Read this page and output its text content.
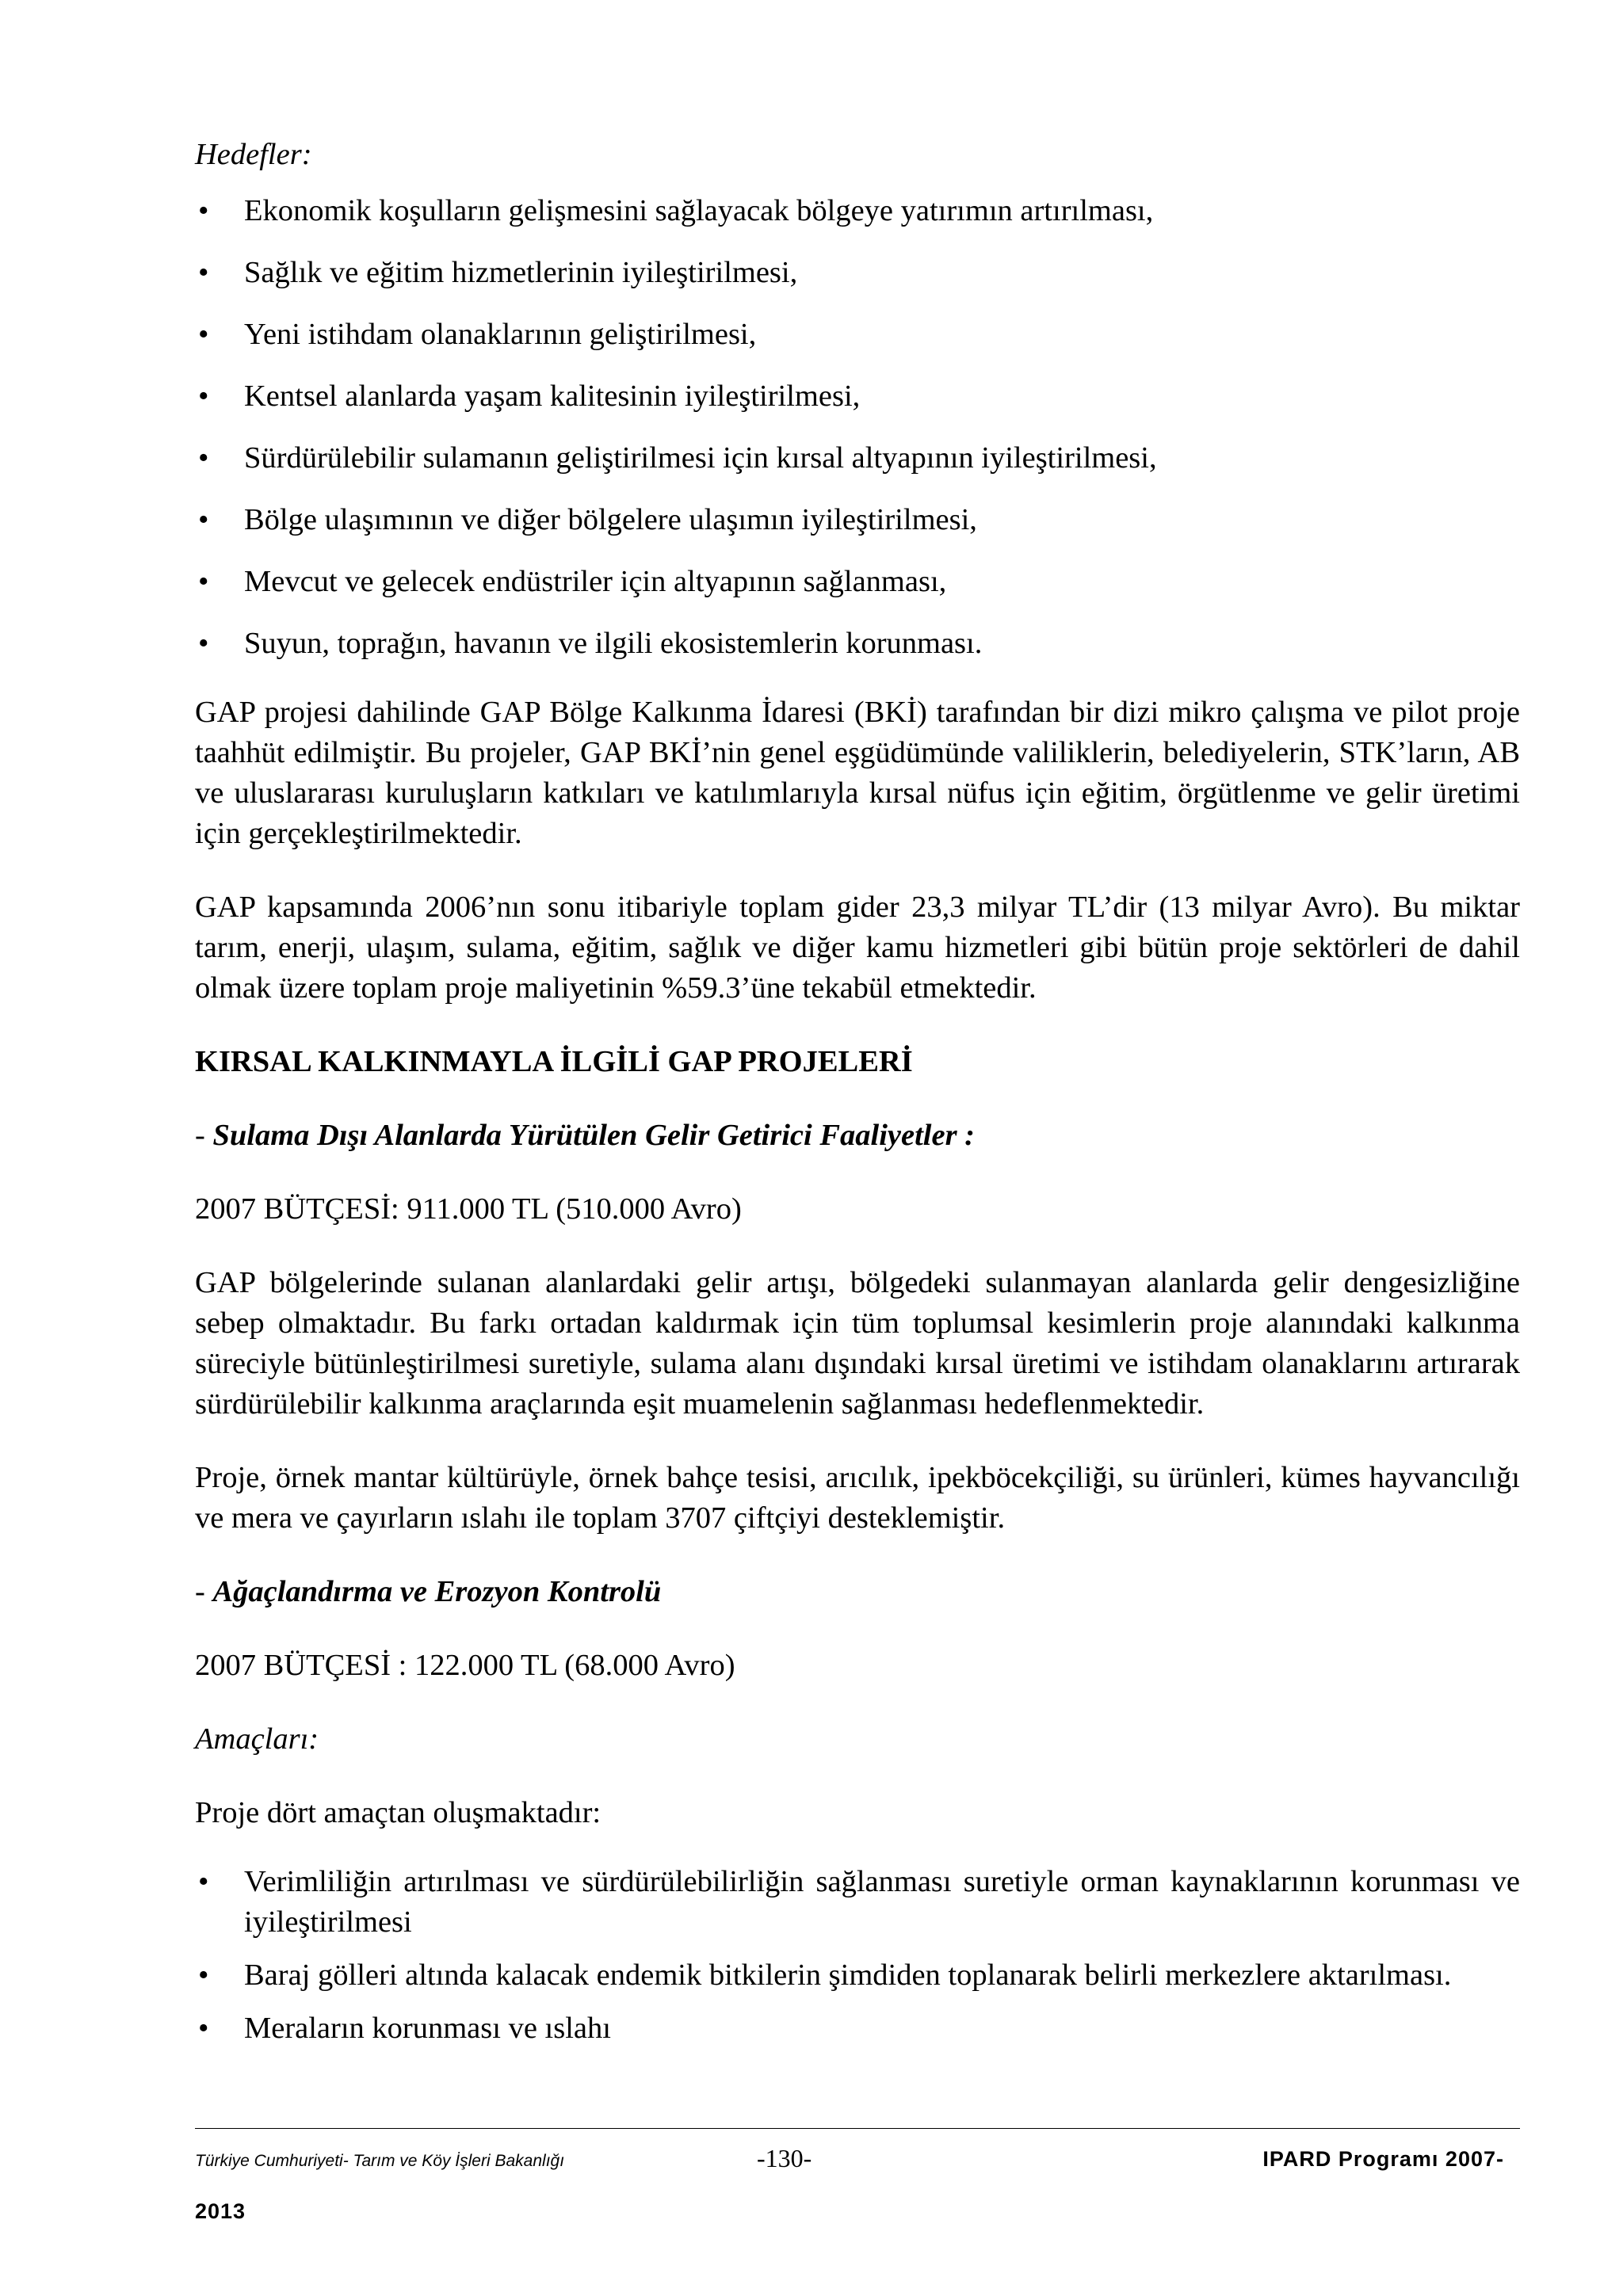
Hedefler:

• Ekonomik koşulların gelişmesini sağlayacak bölgeye yatırımın artırılması,
• Sağlık ve eğitim hizmetlerinin iyileştirilmesi,
• Yeni istihdam olanaklarının geliştirilmesi,
• Kentsel alanlarda yaşam kalitesinin iyileştirilmesi,
• Sürdürülebilir sulamanın geliştirilmesi için kırsal altyapının iyileştirilmesi,
• Bölge ulaşımının ve diğer bölgelere ulaşımın iyileştirilmesi,
• Mevcut ve gelecek endüstriler için altyapının sağlanması,
• Suyun, toprağın, havanın ve ilgili ekosistemlerin korunması.

GAP projesi dahilinde GAP Bölge Kalkınma İdaresi (BKİ) tarafından bir dizi mikro çalışma ve pilot proje taahhüt edilmiştir. Bu projeler, GAP BKİ’nin genel eşgüdümünde valiliklerin, belediyelerin, STK’ların, AB ve uluslararası kuruluşların katkıları ve katılımlarıyla kırsal nüfus için eğitim, örgütlenme ve gelir üretimi için gerçekleştirilmektedir.

GAP kapsamında 2006’nın sonu itibariyle toplam gider 23,3 milyar TL’dir (13 milyar Avro). Bu miktar tarım, enerji, ulaşım, sulama, eğitim, sağlık ve diğer kamu hizmetleri gibi bütün proje sektörleri de dahil olmak üzere toplam proje maliyetinin %59.3’üne tekabül etmektedir.

KIRSAL KALKINMAYLA İLGİLİ GAP PROJELERİ

- Sulama Dışı Alanlarda Yürütülen Gelir Getirici Faaliyetler :

2007 BÜTÇESİ: 911.000 TL (510.000 Avro)

GAP bölgelerinde sulanan alanlardaki gelir artışı, bölgedeki sulanmayan alanlarda gelir dengesizliğine sebep olmaktadır. Bu farkı ortadan kaldırmak için tüm toplumsal kesimlerin proje alanındaki kalkınma süreciyle bütünleştirilmesi suretiyle, sulama alanı dışındaki kırsal üretimi ve istihdam olanaklarını artırarak sürdürülebilir kalkınma araçlarında eşit muamelenin sağlanması hedeflenmektedir.

Proje, örnek mantar kültürüyle, örnek bahçe tesisi, arıcılık, ipekböcekçiliği, su ürünleri, kümes hayvancılığı ve mera ve çayırların ıslahı ile toplam 3707 çiftçiyi desteklemiştir.

- Ağaçlandırma ve Erozyon Kontrolü

2007 BÜTÇESİ : 122.000 TL (68.000 Avro)

Amaçları:

Proje dört amaçtan oluşmaktadır:

• Verimliliğin artırılması ve sürdürülebilirliğin sağlanması suretiyle orman kaynaklarının korunması ve iyileştirilmesi
• Baraj gölleri altında kalacak endemik bitkilerin şimdiden toplanarak belirli merkezlere aktarılması.
• Meraların korunması ve ıslahı
Türkiye Cumhuriyeti- Tarım ve Köy İşleri Bakanlığı	-130-	IPARD Programı 2007-
2013
